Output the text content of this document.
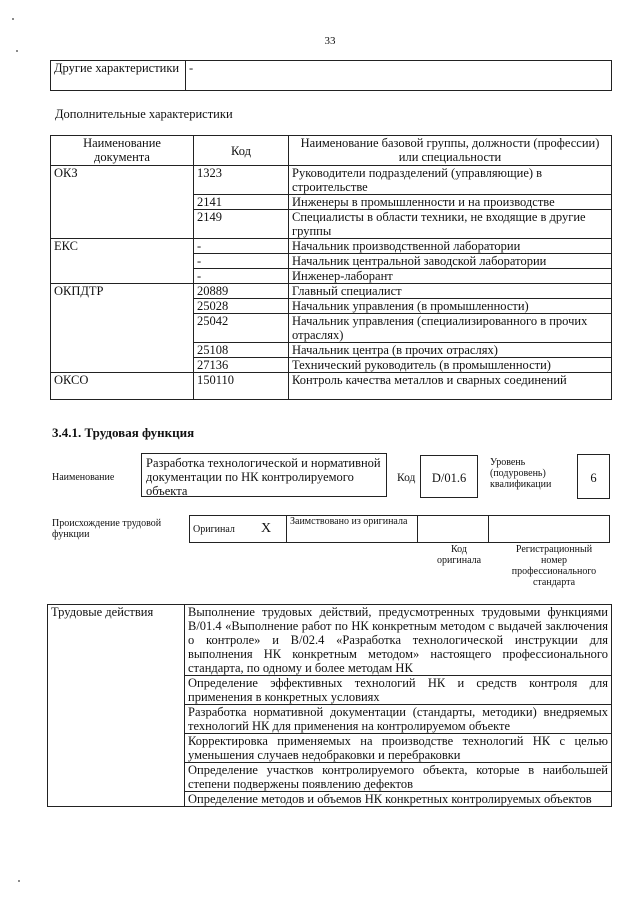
33
Другие характеристики	-
Дополнительные характеристики
Наименование документа	Код	Наименование базовой группы, должности (профессии) или специальности
ОКЗ	1323	Руководители подразделений (управляющие) в строительстве
	2141	Инженеры в промышленности и на производстве
	2149	Специалисты в области техники, не входящие в другие группы
ЕКС	-	Начальник производственной лаборатории
	-	Начальник центральной заводской лаборатории
	-	Инженер-лаборант
ОКПДТР	20889	Главный специалист
	25028	Начальник управления (в промышленности)
	25042	Начальник управления (специализированного в прочих отраслях)
	25108	Начальник центра (в прочих отраслях)
	27136	Технический руководитель (в промышленности)
ОКСО	150110	Контроль качества металлов и сварных соединений
3.4.1. Трудовая функция
Наименование
Разработка технологической и нормативной документации по НК контролируемого объекта
Код	D/01.6
Уровень (подуровень) квалификации	6
Происхождение трудовой функции	Оригинал	X	Заимствовано из оригинала		
Код оригинала
Регистрационный номер профессионального стандарта
Трудовые действия	Выполнение трудовых действий, предусмотренных трудовыми функциями В/01.4 «Выполнение работ по НК конкретным методом с выдачей заключения о контроле» и В/02.4 «Разработка технологической инструкции для выполнения НК конкретным методом» настоящего профессионального стандарта, по одному и более методам НК
Определение эффективных технологий НК и средств контроля для применения в конкретных условиях
Разработка нормативной документации (стандарты, методики) внедряемых технологий НК для применения на контролируемом объекте
Корректировка применяемых на производстве технологий НК с целью уменьшения случаев недобраковки и перебраковки
Определение участков контролируемого объекта, которые в наибольшей степени подвержены появлению дефектов
Определение методов и объемов НК конкретных контролируемых объектов
